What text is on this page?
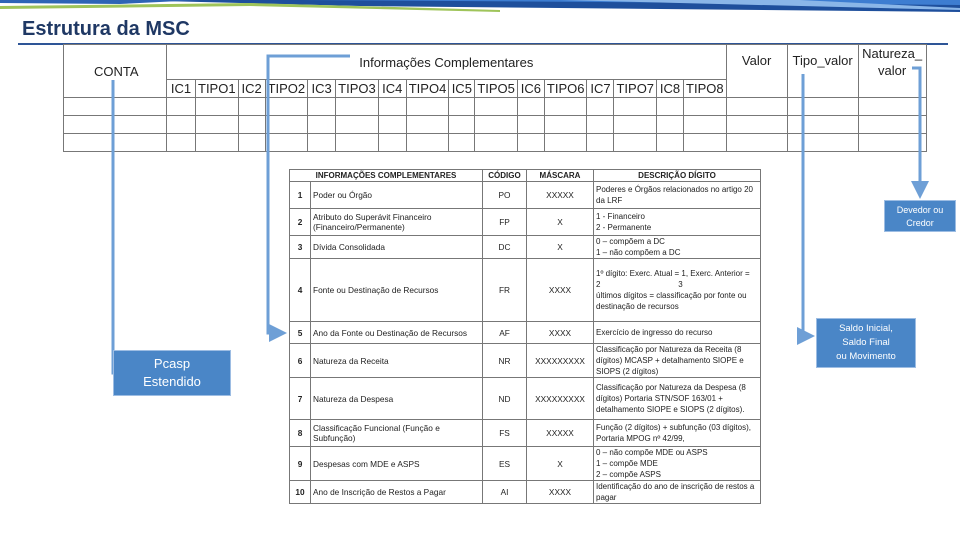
Estrutura da MSC
CONTA	Informações Complementares																Valor	Tipo_valor	Natureza_
valor
	IC1	TIPO1	IC2	TIPO2	IC3	TIPO3	IC4	TIPO4	IC5	TIPO5	IC6	TIPO6	IC7	TIPO7	IC8	TIPO8			

INFORMAÇÕES COMPLEMENTARES		CÓDIGO	MÁSCARA	DESCRIÇÃO DÍGITO
1	Poder ou Órgão	PO	XXXXX	Poderes e Órgãos relacionados no artigo 20
da LRF

2	Atributo do Superávit Financeiro (Financeiro/Permanente)	FP	X	1 - Financeiro
2 - Permanente

3	Dívida Consolidada	DC	X	0 – compõem a DC
1 – não compõem a DC

4	Fonte ou Destinação de Recursos	FR	XXXX	1º dígito: Exerc. Atual = 1, Exerc. Anterior =
2                                   3
últimos dígitos = classificação por fonte ou
destinação de recursos

5	Ano da Fonte ou Destinação de Recursos	AF	XXXX	Exercício de ingresso do recurso

6	Natureza da Receita	NR	XXXXXXXXX	Classificação por Natureza da Receita (8
dígitos) MCASP + detalhamento SIOPE e
SIOPS (2 dígitos)

7	Natureza da Despesa	ND	XXXXXXXXX	Classificação por Natureza da Despesa (8
dígitos) Portaria STN/SOF 163/01 +
detalhamento SIOPE e SIOPS (2 dígitos).

8	Classificação Funcional (Função e Subfunção)	FS	XXXXX	Função (2 dígitos) + subfunção (03 dígitos),
Portaria MPOG nº 42/99,

9	Despesas com MDE e ASPS	ES	X	0 – não compõe MDE ou ASPS
1 – compõe MDE
2 – compõe ASPS

10	Ano de Inscrição de Restos a Pagar	AI	XXXX	Identificação do ano de inscrição de restos a
pagar
Pcasp
Estendido
Devedor ou
Credor
Saldo Inicial,
Saldo Final
ou Movimento
